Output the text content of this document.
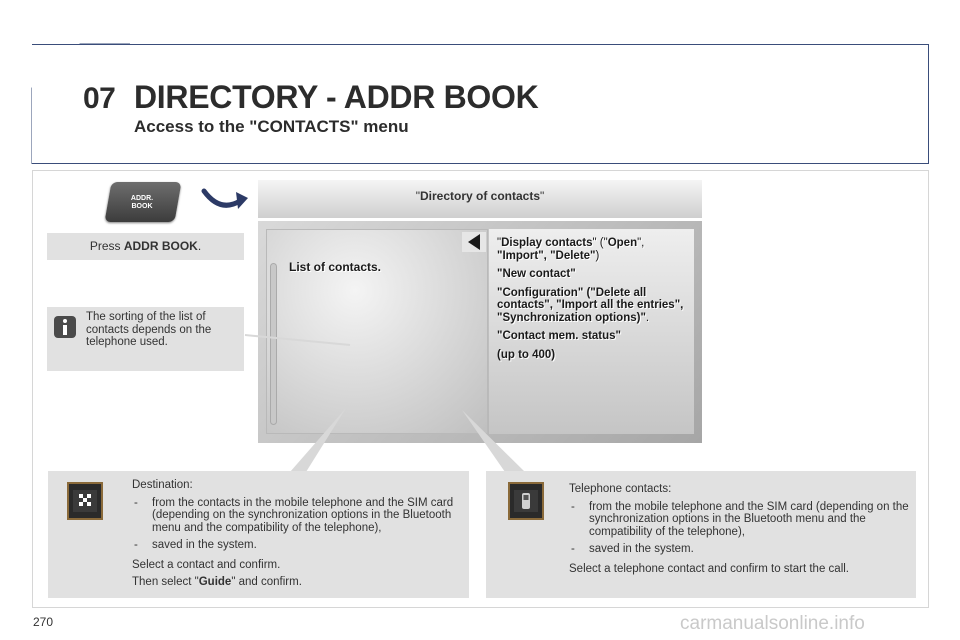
07 DIRECTORY - ADDR BOOK
Access to the "CONTACTS" menu
ADDR.
BOOK
Press ADDR BOOK.
The sorting of the list of contacts depends on the telephone used.
"Directory of contacts"
List of contacts.
"Display contacts" ("Open", "Import", "Delete")
"New contact"
"Configuration" ("Delete all contacts", "Import all the entries", "Synchronization options)".
"Contact mem. status"
(up to 400)

Destination:

-	from the contacts in the mobile telephone and the SIM card (depending on the synchronization options in the Bluetooth menu and the compatibility of the telephone),
-	saved in the system.

Select a contact and confirm.

Then select "Guide" and confirm.

Telephone contacts:

-	from the mobile telephone and the SIM card (depending on the synchronization options in the Bluetooth menu and the compatibility of the telephone),
-	saved in the system.

Select a telephone contact and confirm to start the call.

270	carmanualsonline.info
